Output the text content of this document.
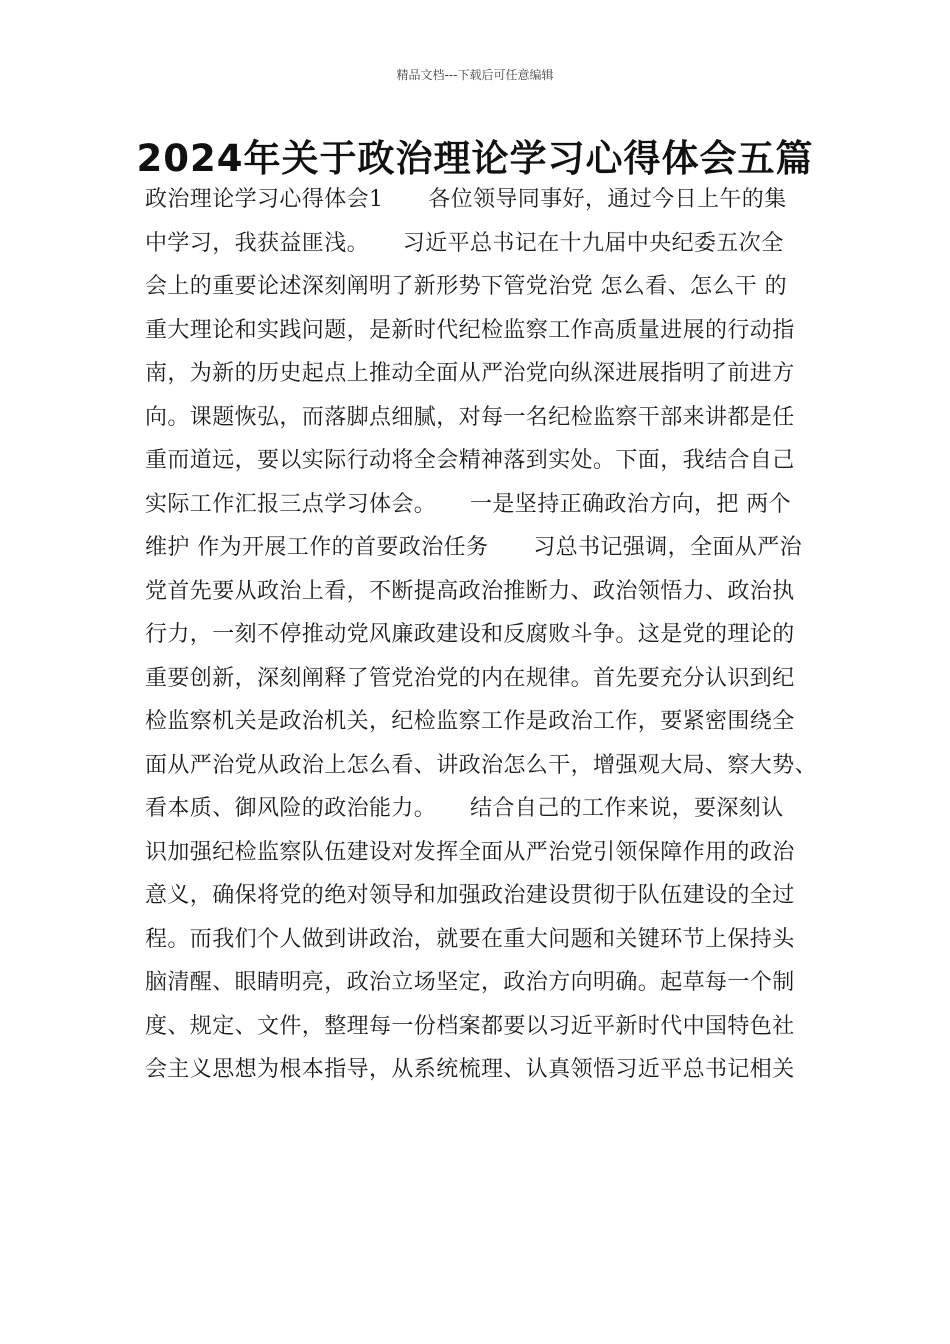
精品文档---下载后可任意编辑
2024年关于政治理论学习心得体会五篇
政治理论学习心得体会1　　各位领导同事好，通过今日上午的集
中学习，我获益匪浅。　　习近平总书记在十九届中央纪委五次全
会上的重要论述深刻阐明了新形势下管党治党 怎么看、怎么干 的
重大理论和实践问题，是新时代纪检监察工作高质量进展的行动指
南，为新的历史起点上推动全面从严治党向纵深进展指明了前进方
向。课题恢弘，而落脚点细腻，对每一名纪检监察干部来讲都是任
重而道远，要以实际行动将全会精神落到实处。下面，我结合自己
实际工作汇报三点学习体会。　　一是坚持正确政治方向，把 两个
维护 作为开展工作的首要政治任务　　习总书记强调，全面从严治
党首先要从政治上看，不断提高政治推断力、政治领悟力、政治执
行力，一刻不停推动党风廉政建设和反腐败斗争。这是党的理论的
重要创新，深刻阐释了管党治党的内在规律。首先要充分认识到纪
检监察机关是政治机关，纪检监察工作是政治工作，要紧密围绕全
面从严治党从政治上怎么看、讲政治怎么干，增强观大局、察大势、
看本质、御风险的政治能力。　　结合自己的工作来说，要深刻认
识加强纪检监察队伍建设对发挥全面从严治党引领保障作用的政治
意义，确保将党的绝对领导和加强政治建设贯彻于队伍建设的全过
程。而我们个人做到讲政治，就要在重大问题和关键环节上保持头
脑清醒、眼睛明亮，政治立场坚定，政治方向明确。起草每一个制
度、规定、文件，整理每一份档案都要以习近平新时代中国特色社
会主义思想为根本指导，从系统梳理、认真领悟习近平总书记相关
